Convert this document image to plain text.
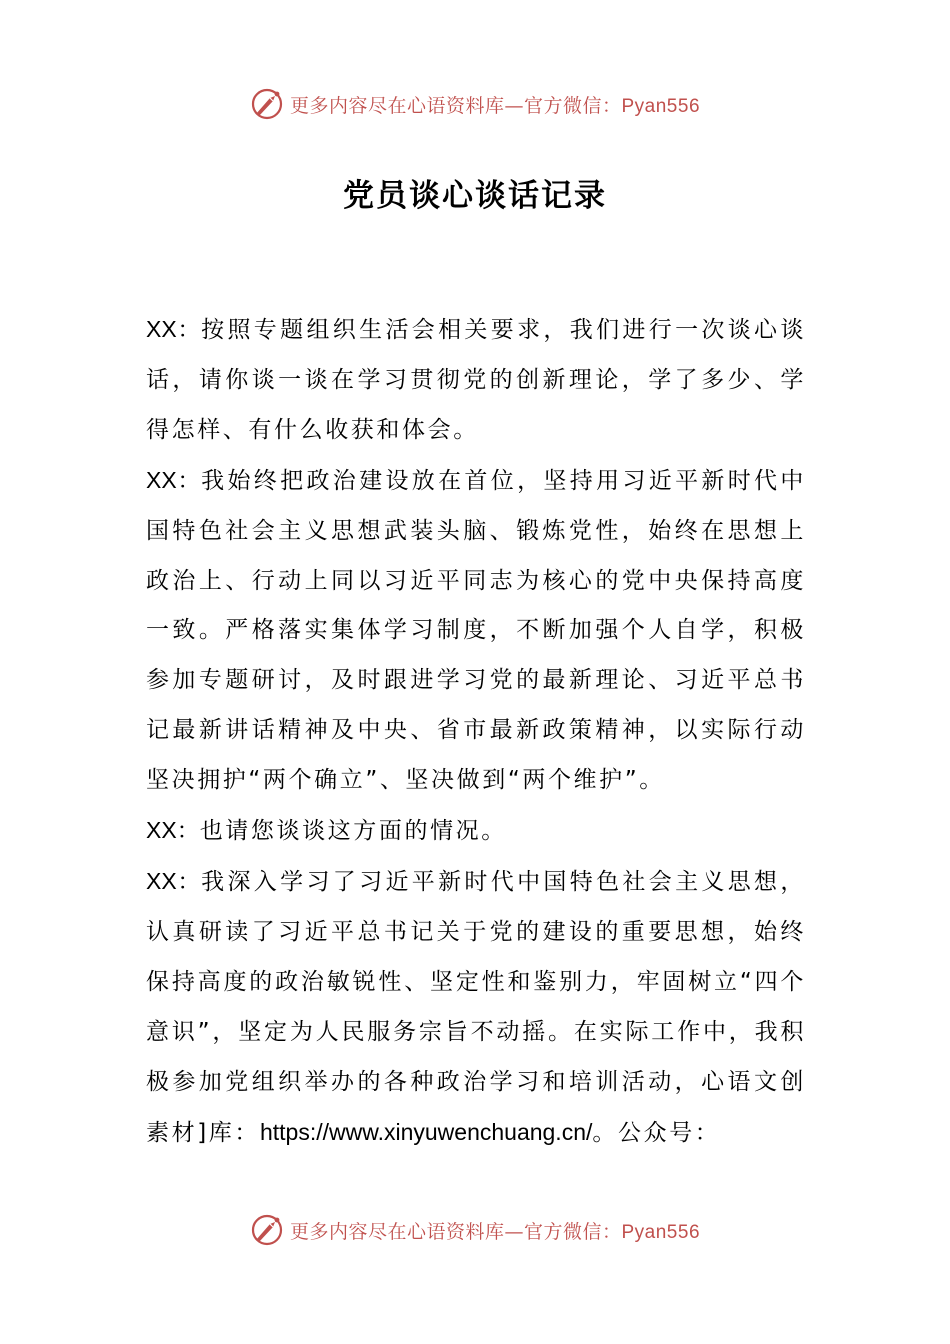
更多内容尽在心语资料库—官方微信：Pyan556
党员谈心谈话记录

XX：按照专题组织生活会相关要求，我们进行一次谈心谈话，请你谈一谈在学习贯彻党的创新理论，学了多少、学得怎样、有什么收获和体会。

XX：我始终把政治建设放在首位，坚持用习近平新时代中国特色社会主义思想武装头脑、锻炼党性，始终在思想上政治上、行动上同以习近平同志为核心的党中央保持高度一致。严格落实集体学习制度，不断加强个人自学，积极参加专题研讨，及时跟进学习党的最新理论、习近平总书记最新讲话精神及中央、省市最新政策精神，以实际行动坚决拥护“两个确立”、坚决做到“两个维护”。

XX：也请您谈谈这方面的情况。

XX：我深入学习了习近平新时代中国特色社会主义思想，认真研读了习近平总书记关于党的建设的重要思想，始终保持高度的政治敏锐性、坚定性和鉴别力，牢固树立“四个意识”，坚定为人民服务宗旨不动摇。在实际工作中，我积极参加党组织举办的各种政治学习和培训活动，心语文创素材]库：https://www.xinyuwenchuang.cn/。公众号：

更多内容尽在心语资料库—官方微信：Pyan556
